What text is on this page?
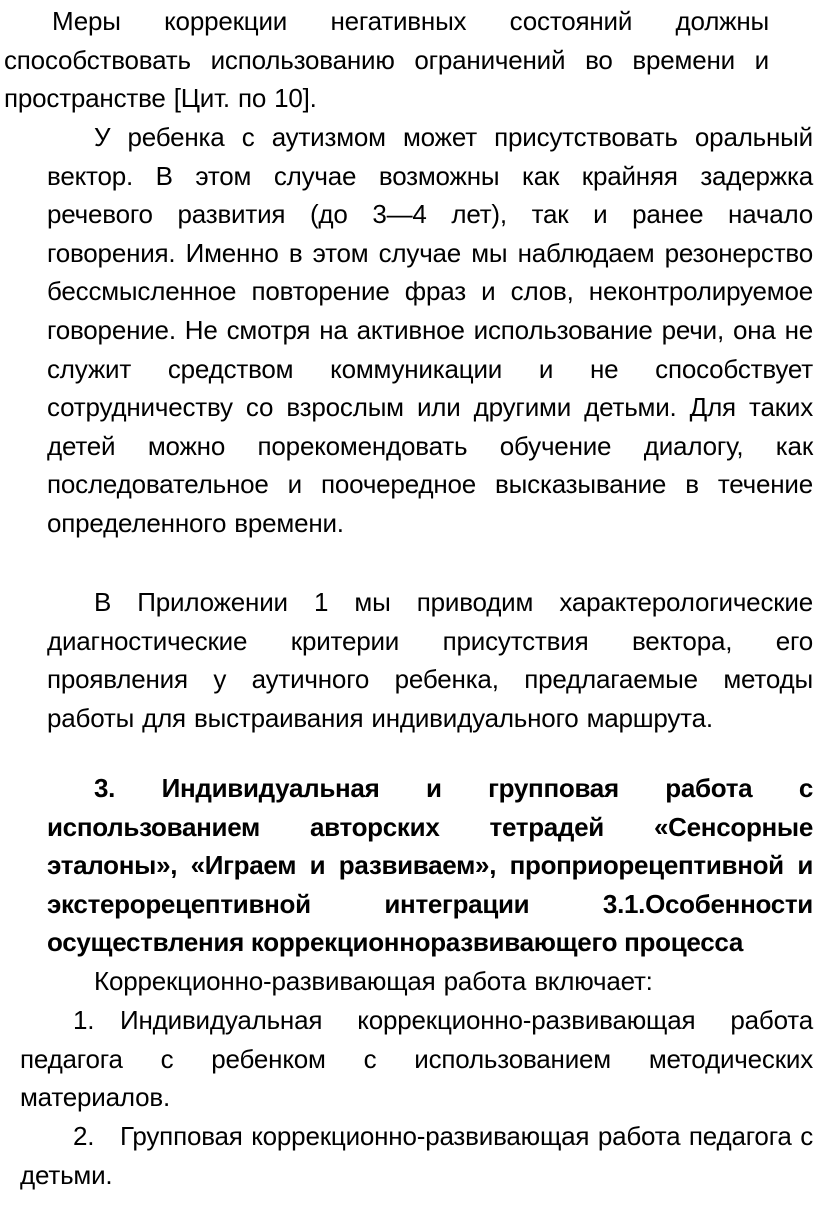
Меры коррекции негативных состояний должны способствовать использованию ограничений во времени и пространстве [Цит. по 10].

У ребенка с аутизмом может присутствовать оральный вектор. В этом случае возможны как крайняя задержка речевого развития (до 3—4 лет), так и ранее начало говорения. Именно в этом случае мы наблюдаем резонерство бессмысленное повторение фраз и слов, неконтролируемое говорение. Не смотря на активное использование речи, она не служит средством коммуникации и не способствует сотрудничеству со взрослым или другими детьми. Для таких детей можно порекомендовать обучение диалогу, как последовательное и поочередное высказывание в течение определенного времени.

В Приложении 1 мы приводим характерологические диагностические критерии присутствия вектора, его проявления у аутичного ребенка, предлагаемые методы работы для выстраивания индивидуального маршрута.

3. Индивидуальная и групповая работа с использованием авторских тетрадей «Сенсорные эталоны», «Играем и развиваем», проприорецептивной и экстерорецептивной интеграции 3.1.Особенности осуществления коррекционноразвивающего процесса

Коррекционно-развивающая работа включает:

1. Индивидуальная коррекционно-развивающая работа педагога с ребенком с использованием методических материалов.
2. Групповая коррекционно-развивающая работа педагога с детьми.
